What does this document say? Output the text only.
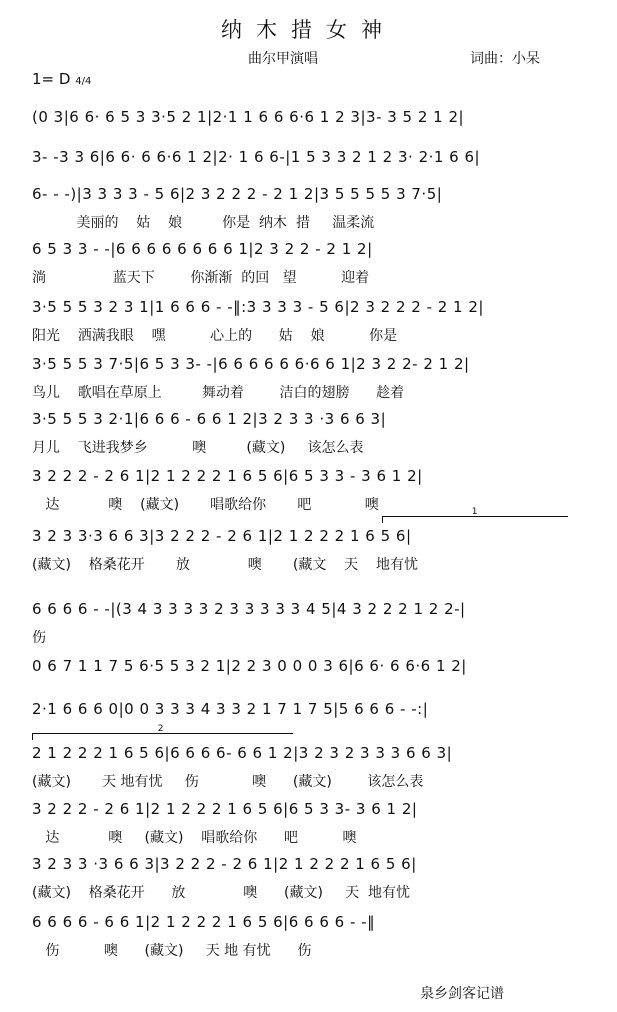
纳木措女神
曲尔甲演唱	词曲：小呆
1= D 4/4
1
2
(0 3|6 6· 6 5 3 3·5 2 1|2·1 1 6 6 6·6 1 2 3|3- 3 5 2 1 2|
3- -3 3 6|6 6· 6 6·6 1 2|2· 1 6 6-|1 5 3 3 2 1 2 3· 2·1 6 6|
6- - -)|3 3 3 3 - 5 6|2 3 2 2 2 - 2 1 2|3 5 5 5 5 3 7·5|
美丽的    姑    娘         你是  纳木  措     温柔流
6 5 3 3 - -|6 6 6 6 6 6 6 6 1|2 3 2 2 - 2 1 2|
淌               蓝天下        你渐渐  的回   望          迎着
3·5 5 5 3 2 3 1|1 6 6 6 - -‖:3 3 3 3 - 5 6|2 3 2 2 2 - 2 1 2|
阳光    洒满我眼    嘿          心上的      姑    娘          你是
3·5 5 5 3 7·5|6 5 3 3- -|6 6 6 6 6 6·6 6 1|2 3 2 2- 2 1 2|
鸟儿    歌唱在草原上         舞动着        洁白的翅膀      趁着
3·5 5 5 3 2·1|6 6 6 - 6 6 1 2|3 2 3 3 ·3 6 6 3|
月儿    飞进我梦乡          噢         (藏文)     该怎么表
3 2 2 2 - 2 6 1|2 1 2 2 2 1 6 5 6|6 5 3 3 - 3 6 1 2|
达           噢    (藏文)       唱歌给你       吧            噢
3 2 3 3·3 6 6 3|3 2 2 2 - 2 6 1|2 1 2 2 2 1 6 5 6|
(藏文)    格桑花开       放             噢       (藏文    天    地有忧
6 6 6 6 - -|(3 4 3 3 3 3 2 3 3 3 3 3 4 5|4 3 2 2 2 1 2 2-|
伤
0 6 7 1 1 7 5 6·5 5 3 2 1|2 2 3 0 0 0 3 6|6 6· 6 6·6 1 2|
2·1 6 6 6 0|0 0 3 3 3 4 3 3 2 1 7 1 7 5|5 6 6 6 - -:|
2 1 2 2 2 1 6 5 6|6 6 6 6- 6 6 1 2|3 2 3 2 3 3 3 6 6 3|
(藏文)       天 地有忧     伤            噢      (藏文)        该怎么表
3 2 2 2 - 2 6 1|2 1 2 2 2 1 6 5 6|6 5 3 3- 3 6 1 2|
达           噢     (藏文)    唱歌给你      吧          噢
3 2 3 3 ·3 6 6 3|3 2 2 2 - 2 6 1|2 1 2 2 2 1 6 5 6|
(藏文)    格桑花开      放             噢      (藏文)     天  地有忧
6 6 6 6 - 6 6 1|2 1 2 2 2 1 6 5 6|6 6 6 6 - -‖
伤          噢      (藏文)     天 地 有忧      伤
泉乡剑客记谱
